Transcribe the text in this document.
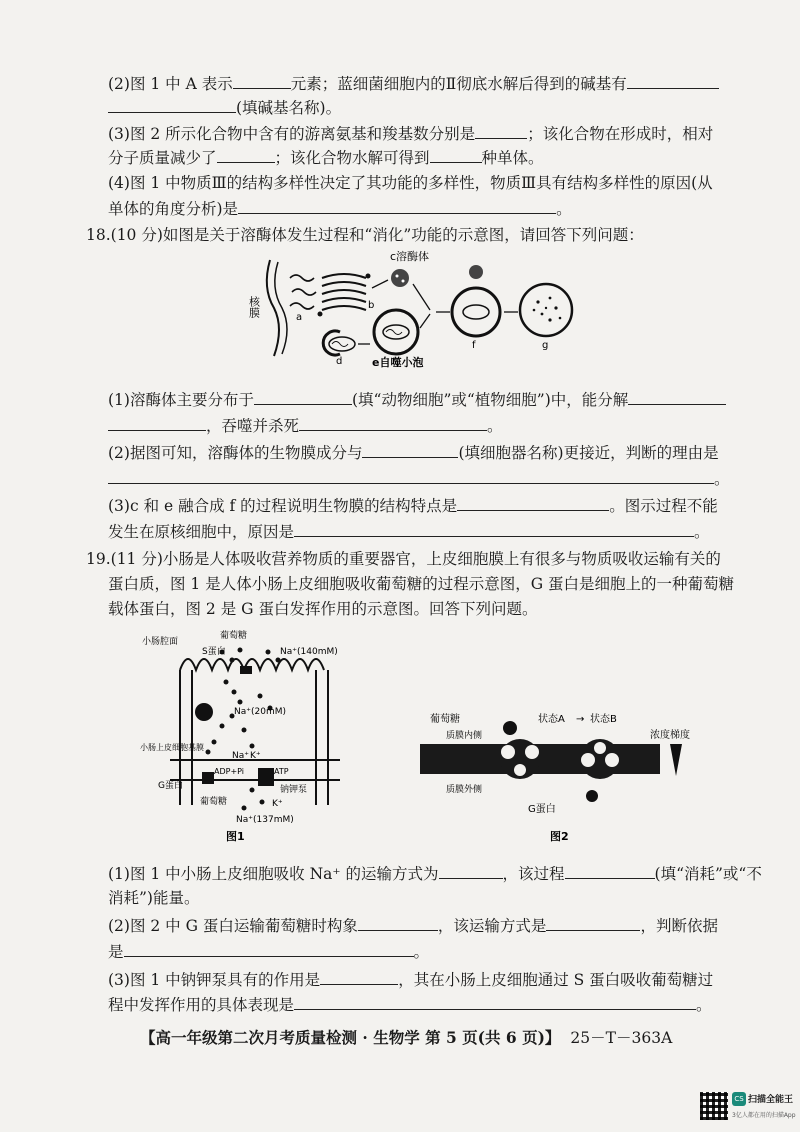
(2)图 1 中 A 表示	元素；蓝细菌细胞内的Ⅱ彻底水解后得到的碱基有
(填碱基名称)。
(3)图 2 所示化合物中含有的游离氨基和羧基数分别是	；该化合物在形成时，相对
分子质量减少了	；该化合物水解可得到	种单体。
(4)图 1 中物质Ⅲ的结构多样性决定了其功能的多样性，物质Ⅲ具有结构多样性的原因(从
单体的角度分析)是	。
18.(10 分)如图是关于溶酶体发生过程和“消化”功能的示意图，请回答下列问题：
核膜	a
b
c溶酶体
d	e自噬小泡
f	g
(1)溶酶体主要分布于	(填“动物细胞”或“植物细胞”)中，能分解
，吞噬并杀死	。
(2)据图可知，溶酶体的生物膜成分与	(填细胞器名称)更接近，判断的理由是
。
(3)c 和 e 融合成 f 的过程说明生物膜的结构特点是	。图示过程不能
发生在原核细胞中，原因是	。
19.(11 分)小肠是人体吸收营养物质的重要器官，上皮细胞膜上有很多与物质吸收运输有关的
蛋白质，图 1 是人体小肠上皮细胞吸收葡萄糖的过程示意图，G 蛋白是细胞上的一种葡萄糖
载体蛋白，图 2 是 G 蛋白发挥作用的示意图。回答下列问题。
小肠腔面
葡萄糖
S蛋白	Na⁺(140mM)
Na⁺(20mM)
小肠上皮细胞基膜
K⁺
Na⁺
ATP
ADP+Pi
G蛋白	钠钾泵
葡萄糖
Na⁺(137mM)
K⁺
图1
葡萄糖	状态A → 状态B
质膜内侧
质膜外侧
浓度梯度
G蛋白
图2
(1)图 1 中小肠上皮细胞吸收 Na⁺ 的运输方式为	，该过程	(填“消耗”或“不
消耗”)能量。
(2)图 2 中 G 蛋白运输葡萄糖时构象	，该运输方式是	，判断依据
是	。
(3)图 1 中钠钾泵具有的作用是	，其在小肠上皮细胞通过 S 蛋白吸收葡萄糖过
程中发挥作用的具体表现是	。
【高一年级第二次月考质量检测 · 生物学 第 5 页(共 6 页)】 25－T－363A
CS 扫描全能王
3亿人都在用的扫描App
